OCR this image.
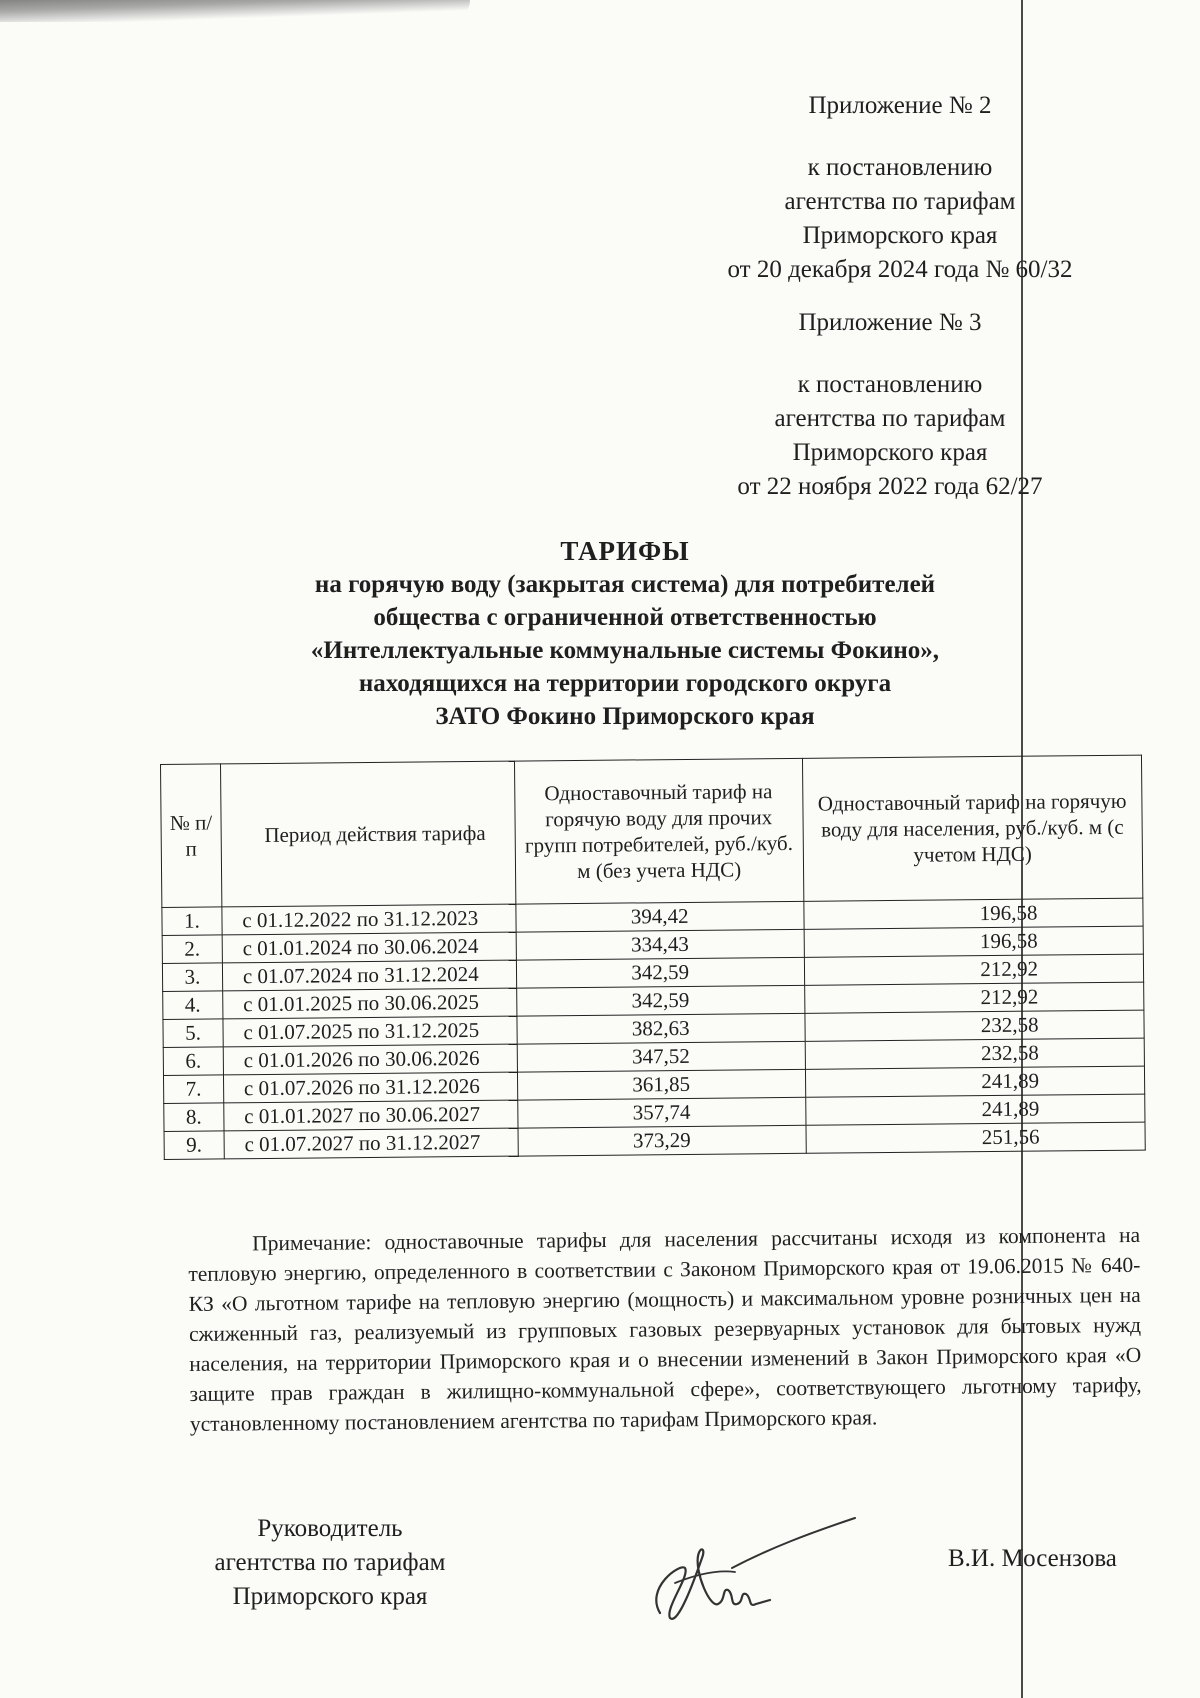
Приложение № 2
к постановлению
агентства по тарифам
Приморского края
от 20 декабря 2024 года № 60/32
Приложение № 3
к постановлению
агентства по тарифам
Приморского края
от 22 ноября 2022 года 62/27
ТАРИФЫ
на горячую воду (закрытая система) для потребителей
общества с ограниченной ответственностью
«Интеллектуальные коммунальные системы Фокино»,
находящихся на территории городского округа
ЗАТО Фокино Приморского края
№ п/п	Период действия тарифа	Одноставочный тариф на горячую воду для прочих групп потребителей, руб./куб. м (без учета НДС)	Одноставочный тариф на горячую воду для населения, руб./куб. м (с учетом НДС)
1.	с 01.12.2022 по 31.12.2023	394,42	196,58
2.	с 01.01.2024 по 30.06.2024	334,43	196,58
3.	с 01.07.2024 по 31.12.2024	342,59	212,92
4.	с 01.01.2025 по 30.06.2025	342,59	212,92
5.	с 01.07.2025 по 31.12.2025	382,63	232,58
6.	с 01.01.2026 по 30.06.2026	347,52	232,58
7.	с 01.07.2026 по 31.12.2026	361,85	241,89
8.	с 01.01.2027 по 30.06.2027	357,74	241,89
9.	с 01.07.2027 по 31.12.2027	373,29	251,56
Примечание: одноставочные тарифы для населения рассчитаны исходя из компонента на тепловую энергию, определенного в соответствии с Законом Приморского края от 19.06.2015 № 640-КЗ «О льготном тарифе на тепловую энергию (мощность) и максимальном уровне розничных цен на сжиженный газ, реализуемый из групповых газовых резервуарных установок для бытовых нужд населения, на территории Приморского края и о внесении изменений в Закон Приморского края «О защите прав граждан в жилищно-коммунальной сфере», соответствующего льготному тарифу, установленному постановлением агентства по тарифам Приморского края.
Руководитель
агентства по тарифам
Приморского края
В.И. Мосензова
